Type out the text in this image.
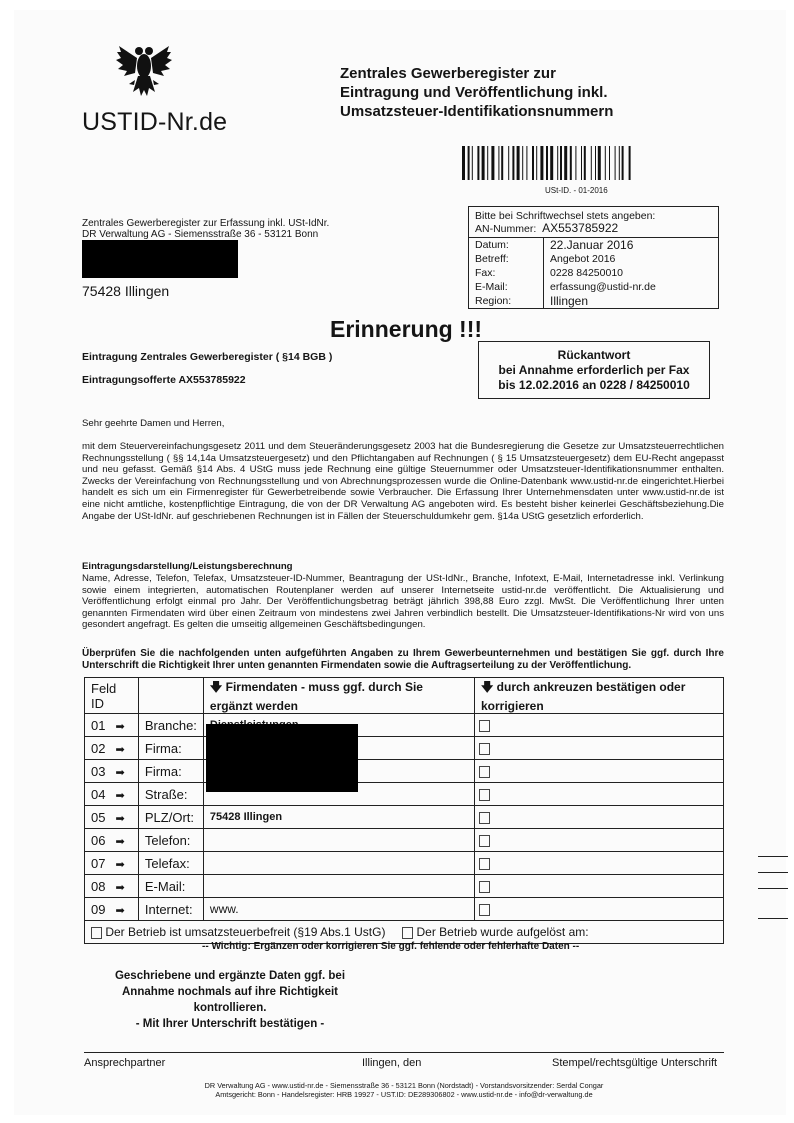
USTID-Nr.de
Zentrales Gewerberegister zur
Eintragung und Veröffentlichung inkl.
Umsatzsteuer-Identifikationsnummern
USt-ID. - 01-2016
Zentrales Gewerberegister zur Erfassung inkl. USt-IdNr.
DR Verwaltung AG - Siemensstraße 36 - 53121 Bonn
75428 Illingen
Bitte bei Schriftwechsel stets angeben:
AN-Nummer: AX553785922
Datum:	22.Januar 2016
Betreff:	Angebot 2016
Fax:	0228 84250010
E-Mail:	erfassung@ustid-nr.de
Region:	Illingen
Erinnerung !!!
Eintragung Zentrales Gewerberegister ( §14 BGB )
Eintragungsofferte AX553785922
Rückantwort
bei Annahme erforderlich per Fax
bis 12.02.2016 an 0228 / 84250010
Sehr geehrte Damen und Herren,
mit dem Steuervereinfachungsgesetz 2011 und dem Steueränderungsgesetz 2003 hat die Bundesregierung die Gesetze zur Umsatzsteuerrechtlichen Rechnungsstellung ( §§ 14,14a Umsatzsteuergesetz) und den Pflichtangaben auf Rechnungen ( § 15 Umsatzsteuergesetz) dem EU-Recht angepasst und neu gefasst. Gemäß §14 Abs. 4 UStG muss jede Rechnung eine gültige Steuernummer oder Umsatzsteuer-Identifikationsnummer enthalten. Zwecks der Vereinfachung von Rechnungsstellung und von Abrechnungsprozessen wurde die Online-Datenbank www.ustid-nr.de eingerichtet.Hierbei handelt es sich um ein Firmenregister für Gewerbetreibende sowie Verbraucher. Die Erfassung Ihrer Unternehmensdaten unter www.ustid-nr.de ist eine nicht amtliche, kostenpflichtige Eintragung, die von der DR Verwaltung AG angeboten wird. Es besteht bisher keinerlei Geschäftsbeziehung.Die Angabe der USt-IdNr. auf geschriebenen Rechnungen ist in Fällen der Steuerschuldumkehr gem. §14a UStG gesetzlich erforderlich.
Eintragungsdarstellung/Leistungsberechnung
Name, Adresse, Telefon, Telefax, Umsatzsteuer-ID-Nummer, Beantragung der USt-IdNr., Branche, Infotext, E-Mail, Internetadresse inkl. Verlinkung sowie einem integrierten, automatischen Routenplaner werden auf unserer Internetseite ustid-nr.de veröffentlicht. Die Aktualisierung und Veröffentlichung erfolgt einmal pro Jahr. Der Veröffentlichungsbetrag beträgt jährlich 398,88 Euro zzgl. MwSt. Die Veröffentlichung Ihrer unten genannten Firmendaten wird über einen Zeitraum von mindestens zwei Jahren verbindlich bestellt. Die Umsatzsteuer-Identifikations-Nr wird von uns gesondert angefragt. Es gelten die umseitig allgemeinen Geschäftsbedingungen.
Überprüfen Sie die nachfolgenden unten aufgeführten Angaben zu Ihrem Gewerbeunternehmen und bestätigen Sie ggf. durch Ihre Unterschrift die Richtigkeit Ihrer unten genannten Firmendaten sowie die Auftragserteilung zu der Veröffentlichung.
Feld ID		🡇 Firmendaten - muss ggf. durch Sie ergänzt werden	🡇 durch ankreuzen bestätigen oder korrigieren
01 ➡	Branche:		
02 ➡	Firma:		
03 ➡	Firma:		
04 ➡	Straße:		
05 ➡	PLZ/Ort:	75428 Illingen	
06 ➡	Telefon:		
07 ➡	Telefax:		
08 ➡	E-Mail:		
09 ➡	Internet:	www.	
Der Betrieb ist umsatzsteuerbefreit (§19 Abs.1 UstG) Der Betrieb wurde aufgelöst am:			
-- Wichtig: Ergänzen oder korrigieren Sie ggf. fehlende oder fehlerhafte Daten --
Geschriebene und ergänzte Daten ggf. bei
Annahme nochmals auf ihre Richtigkeit
kontrollieren.
- Mit Ihrer Unterschrift bestätigen -
Ansprechpartner	Illingen, den	Stempel/rechtsgültige Unterschrift
DR Verwaltung AG - www.ustid-nr.de - Siemensstraße 36 - 53121 Bonn (Nordstadt) - Vorstandsvorsitzender: Serdal Congar
Amtsgericht: Bonn - Handelsregister: HRB 19927 - UST.ID: DE289306802 - www.ustid-nr.de - info@dr-verwaltung.de
